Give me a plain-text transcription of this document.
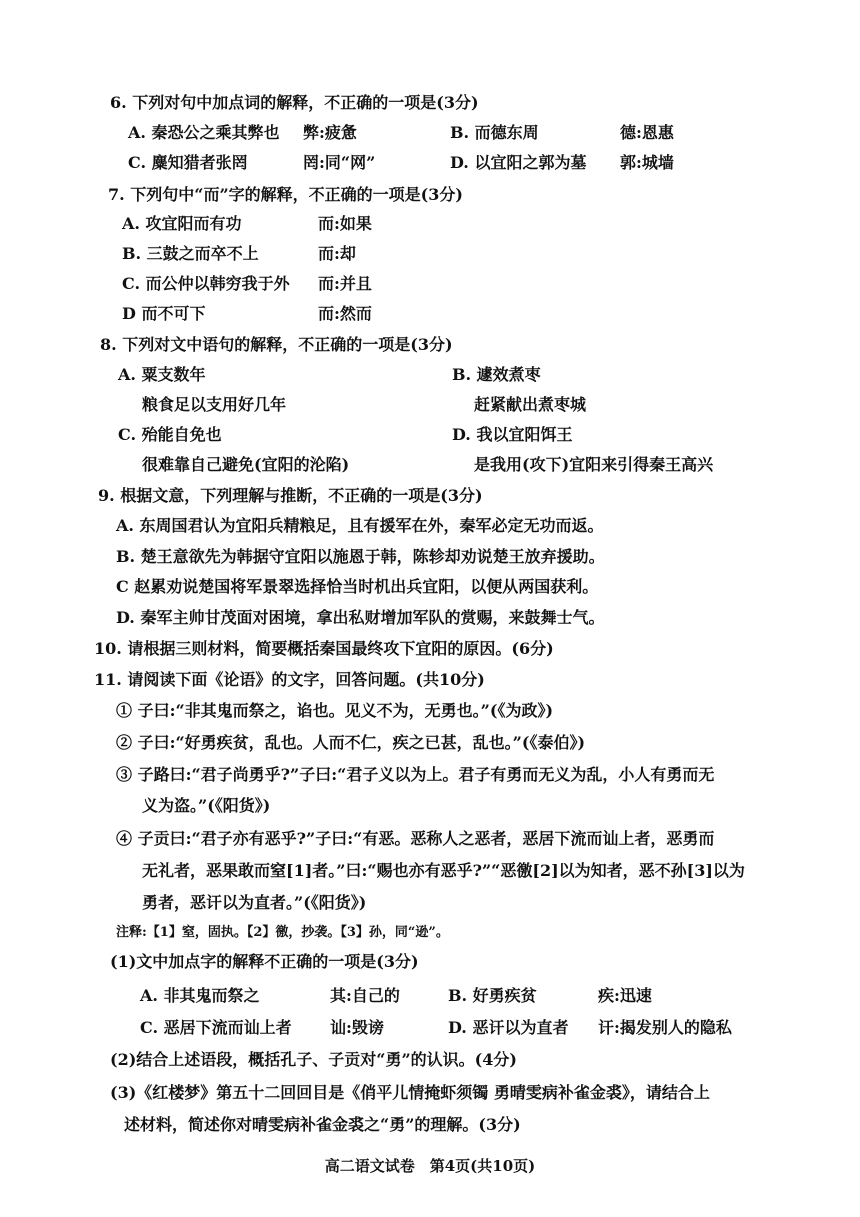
6. 下列对句中加点词的解释，不正确的一项是(3分)
A. 秦恐公之乘其弊也 弊:疲惫	B. 而德东周	德:恩惠
C. 麋知猎者张罔	罔:同“网”	D. 以宜阳之郭为墓 郭:城墙
7. 下列句中“而”字的解释，不正确的一项是(3分)
A. 攻宜阳而有功	而:如果
B. 三鼓之而卒不上	而:却
C. 而公仲以韩穷我于外 而:并且
D 而不可下	而:然而
8. 下列对文中语句的解释，不正确的一项是(3分)
A. 粟支数年	B. 遽效煮枣
粮食足以支用好几年	赶紧献出煮枣城
C. 殆能自免也	D. 我以宜阳饵王
很难靠自己避免(宜阳的沦陷)	是我用(攻下)宜阳来引得秦王高兴
9. 根据文意，下列理解与推断，不正确的一项是(3分)
A. 东周国君认为宜阳兵精粮足，且有援军在外，秦军必定无功而返。
B. 楚王意欲先为韩据守宜阳以施恩于韩，陈轸却劝说楚王放弃援助。
C 赵累劝说楚国将军景翠选择恰当时机出兵宜阳，以便从两国获利。
D. 秦军主帅甘茂面对困境，拿出私财增加军队的赏赐，来鼓舞士气。
10. 请根据三则材料，简要概括秦国最终攻下宜阳的原因。(6分)
11. 请阅读下面《论语》的文字，回答问题。(共10分)
① 子曰:“非其鬼而祭之，谄也。见义不为，无勇也。”(《为政》)
② 子曰:“好勇疾贫，乱也。人而不仁，疾之已甚，乱也。”(《泰伯》)
③ 子路曰:“君子尚勇乎?”子曰:“君子义以为上。君子有勇而无义为乱，小人有勇而无
义为盗。”(《阳货》)
④ 子贡曰:“君子亦有恶乎?”子曰:“有恶。恶称人之恶者，恶居下流而讪上者，恶勇而
无礼者，恶果敢而窒[1]者。”曰:“赐也亦有恶乎?”“恶徼[2]以为知者，恶不孙[3]以为
勇者，恶讦以为直者。”(《阳货》)
注释:【1】窒，固执。【2】徼，抄袭。【3】孙，同“逊”。
(1)文中加点字的解释不正确的一项是(3分)
A. 非其鬼而祭之	其:自己的	B. 好勇疾贫	疾:迅速
C. 恶居下流而讪上者 讪:毁谤	D. 恶讦以为直者 讦:揭发别人的隐私
(2)结合上述语段，概括孔子、子贡对“勇”的认识。(4分)
(3)《红楼梦》第五十二回回目是《俏平儿情掩虾须镯 勇晴雯病补雀金裘》，请结合上
述材料，简述你对晴雯病补雀金裘之“勇”的理解。(3分)
高二语文试卷　第4页(共10页)
